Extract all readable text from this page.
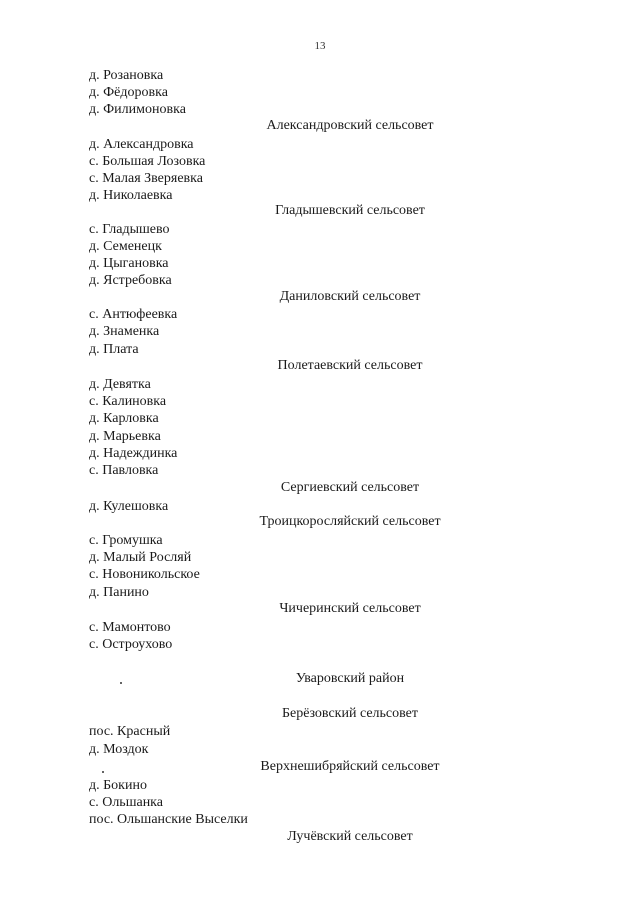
13
д. Розановка
д. Фёдоровка
д. Филимоновка
Александровский сельсовет
д. Александровка
с. Большая Лозовка
с. Малая Зверяевка
д. Николаевка
Гладышевский сельсовет
с. Гладышево
д. Семенецк
д. Цыгановка
д. Ястребовка
Даниловский сельсовет
с. Антюфеевка
д. Знаменка
д. Плата
Полетаевский сельсовет
д. Девятка
с. Калиновка
д. Карловка
д. Марьевка
д. Надеждинка
с. Павловка
Сергиевский сельсовет
д. Кулешовка
Троицкоросляйский сельсовет
с. Громушка
д. Малый Росляй
с. Новоникольское
д. Панино
Чичеринский сельсовет
с. Мамонтово
с. Остроухово
Уваровский район
Берёзовский сельсовет
пос. Красный
д. Моздок
Верхнешибряйский сельсовет
д. Бокино
с. Ольшанка
пос. Ольшанские Выселки
Лучёвский сельсовет
